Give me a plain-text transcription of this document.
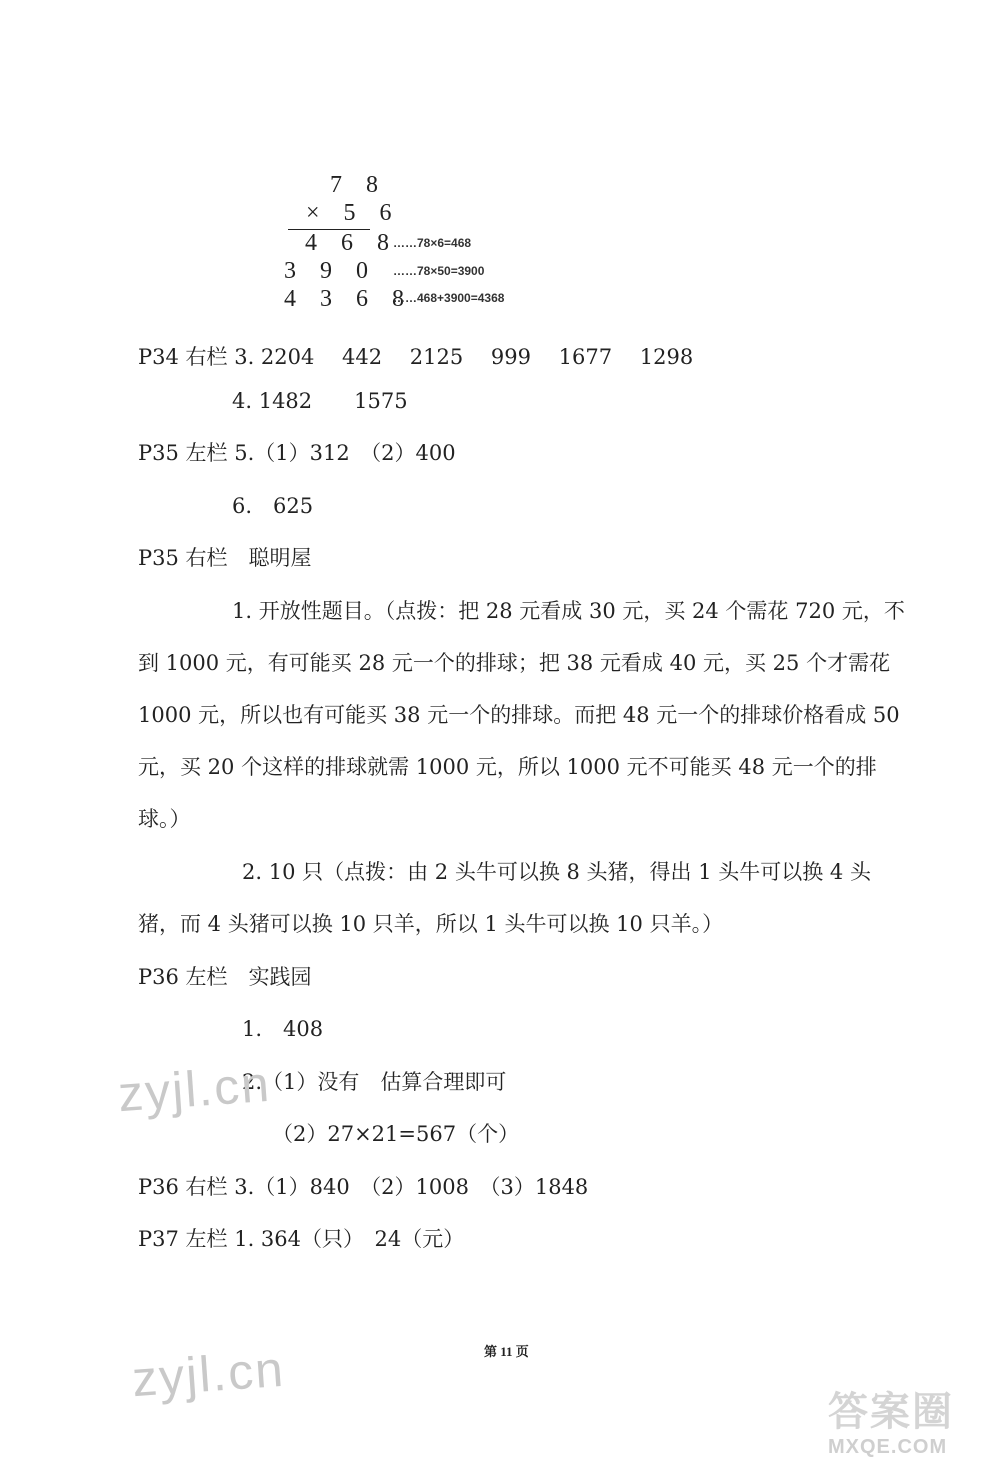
7 8
× 5 6
4 6 8
3 9 0
4 3 6 8
……78×6=468
……78×50=3900
……468+3900=4368
P34 右栏 3. 2204　 442　 2125　 999　 1677　 1298
4. 1482　　1575
P35 左栏 5.（1）312　（2）400
6.　625
P35 右栏　聪明屋
1. 开放性题目。（点拨：把 28 元看成 30 元，买 24 个需花 720 元，不到 1000 元，有可能买 28 元一个的排球；把 38 元看成 40 元，买 25 个才需花 1000 元，所以也有可能买 38 元一个的排球。而把 48 元一个的排球价格看成 50 元，买 20 个这样的排球就需 1000 元，所以 1000 元不可能买 48 元一个的排球。）
2. 10 只（点拨：由 2 头牛可以换 8 头猪，得出 1 头牛可以换 4 头猪，而 4 头猪可以换 10 只羊，所以 1 头牛可以换 10 只羊。）
P36 左栏　实践园
1.　408
2.（1）没有　估算合理即可
（2）27×21=567（个）
P36 右栏 3.（1）840　（2）1008　（3）1848
P37 左栏 1. 364（只）　24（元）
第 11 页
zyjl.cn
zyjl.cn
答案圈
MXQE.COM
